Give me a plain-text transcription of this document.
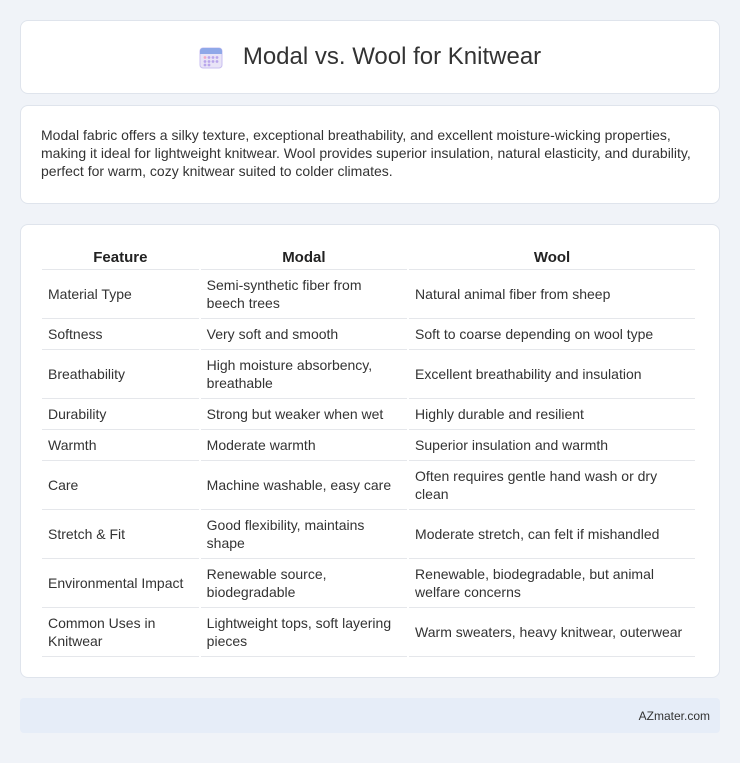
Modal vs. Wool for Knitwear

Modal fabric offers a silky texture, exceptional breathability, and excellent moisture-wicking properties, making it ideal for lightweight knitwear. Wool provides superior insulation, natural elasticity, and durability, perfect for warm, cozy knitwear suited to colder climates.

Feature	Modal	Wool
Material Type	Semi-synthetic fiber from beech trees	Natural animal fiber from sheep
Softness	Very soft and smooth	Soft to coarse depending on wool type
Breathability	High moisture absorbency, breathable	Excellent breathability and insulation
Durability	Strong but weaker when wet	Highly durable and resilient
Warmth	Moderate warmth	Superior insulation and warmth
Care	Machine washable, easy care	Often requires gentle hand wash or dry clean
Stretch & Fit	Good flexibility, maintains shape	Moderate stretch, can felt if mishandled
Environmental Impact	Renewable source, biodegradable	Renewable, biodegradable, but animal welfare concerns
Common Uses in Knitwear	Lightweight tops, soft layering pieces	Warm sweaters, heavy knitwear, outerwear
AZmater.com
